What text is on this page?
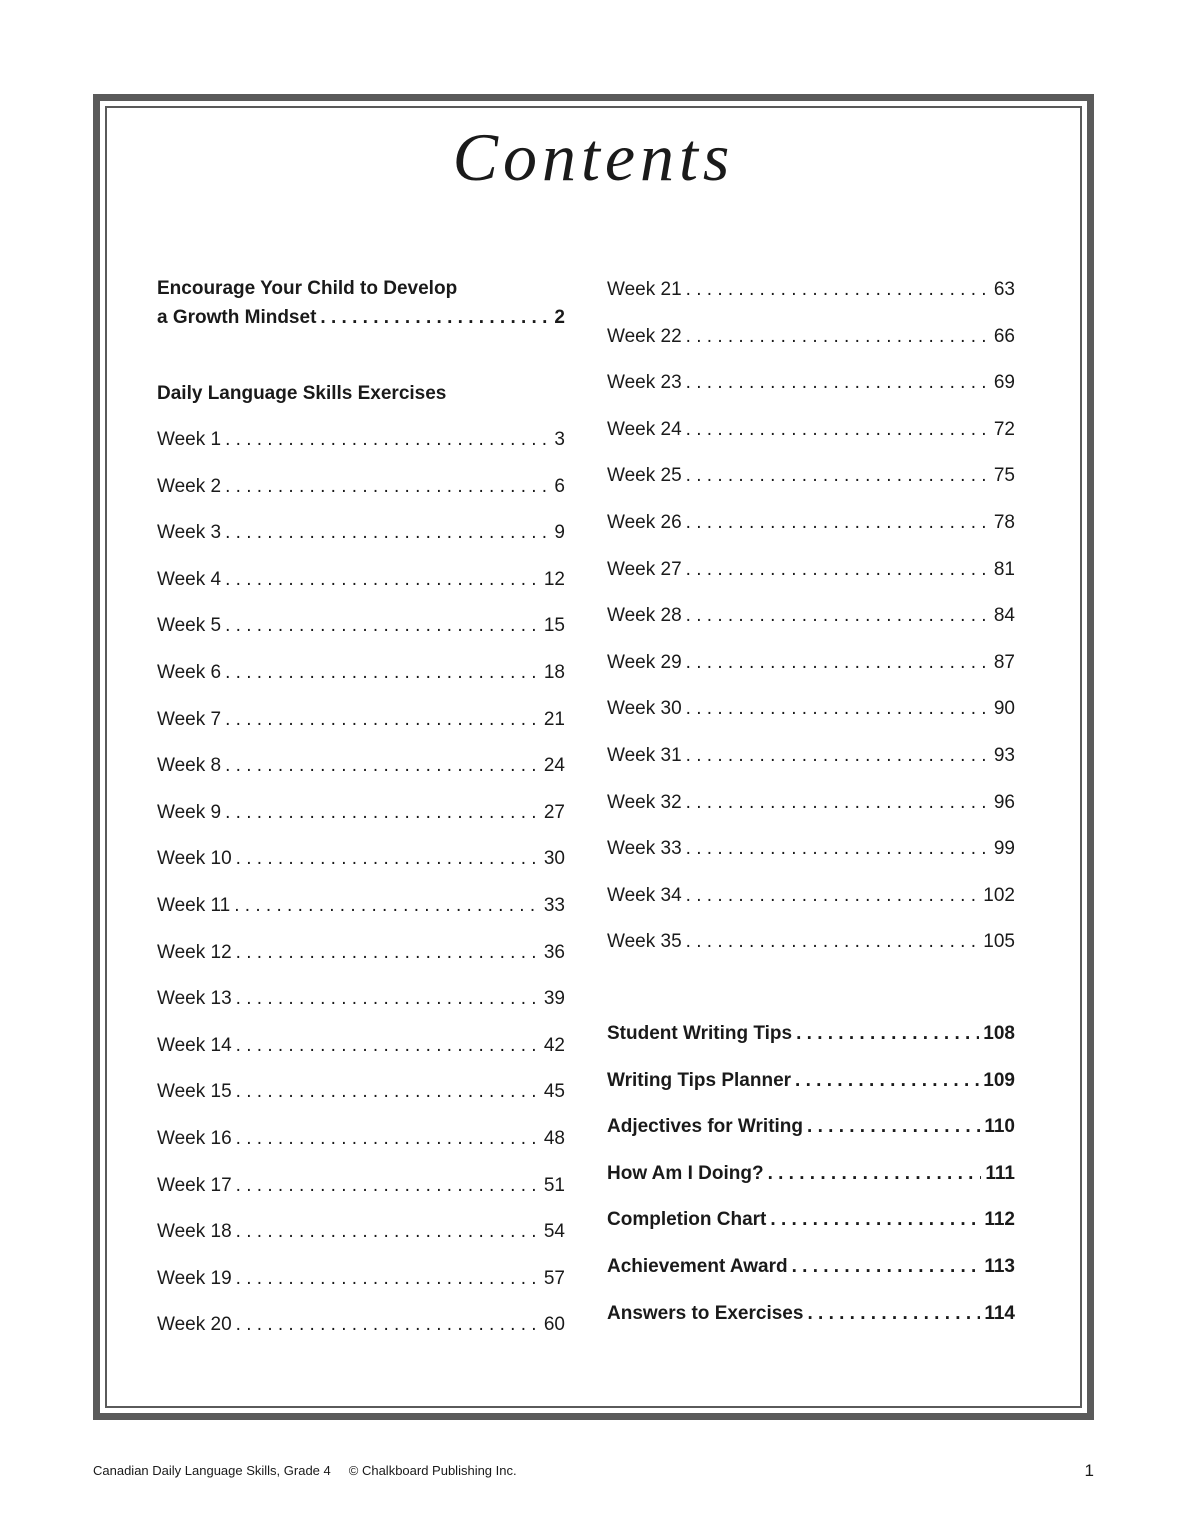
Contents
Encourage Your Child to Develop
a Growth Mindset . . .	2
Daily Language Skills Exercises
Week 1 . . .	3
Week 2 . . .	6
Week 3 . . .	9
Week 4 . . .	12
Week 5 . . .	15
Week 6 . . .	18
Week 7 . . .	21
Week 8 . . .	24
Week 9 . . .	27
Week 10 . . .	30
Week 11 . . .	33
Week 12 . . .	36
Week 13 . . .	39
Week 14 . . .	42
Week 15 . . .	45
Week 16 . . .	48
Week 17 . . .	51
Week 18 . . .	54
Week 19 . . .	57
Week 20 . . .	60
Week 21 . . .	63
Week 22 . . .	66
Week 23 . . .	69
Week 24 . . .	72
Week 25 . . .	75
Week 26 . . .	78
Week 27 . . .	81
Week 28 . . .	84
Week 29 . . .	87
Week 30 . . .	90
Week 31 . . .	93
Week 32 . . .	96
Week 33 . . .	99
Week 34 . . .	102
Week 35 . . .	105
Student Writing Tips . . .	108
Writing Tips Planner . . .	109
Adjectives for Writing . . .	110
How Am I Doing? . . .	111
Completion Chart . . .	112
Achievement Award . . .	113
Answers to Exercises . . .	114
Canadian Daily Language Skills, Grade 4 © Chalkboard Publishing Inc.	1
